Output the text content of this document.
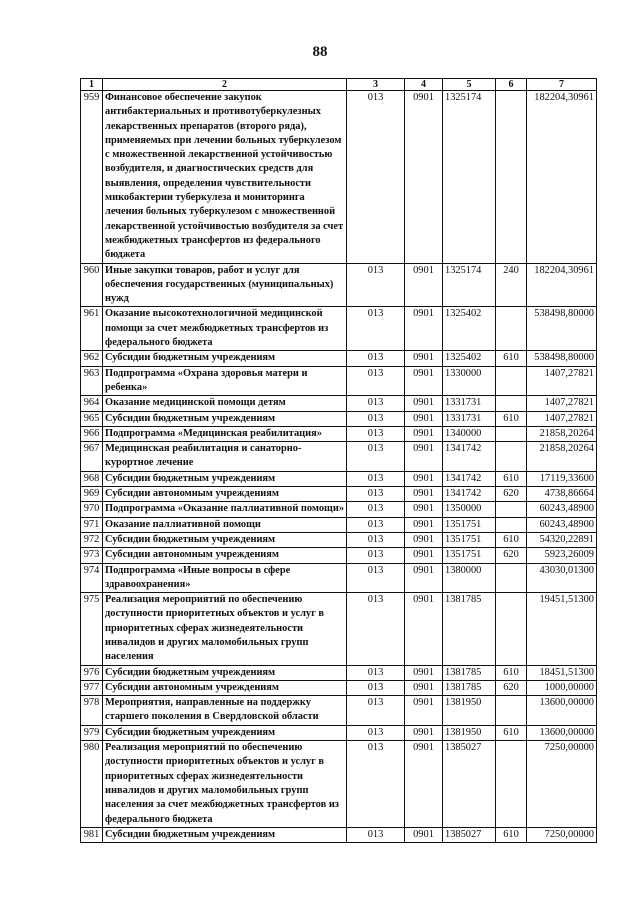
88
1	2	3	4	5	6	7
959	Финансовое обеспечение закупок антибактериальных и противотуберкулезных лекарственных препаратов (второго ряда), применяемых при лечении больных туберкулезом с множественной лекарственной устойчивостью возбудителя, и диагностических средств для выявления, определения чувствительности микобактерии туберкулеза и мониторинга лечения больных туберкулезом с множественной лекарственной устойчивостью возбудителя за счет межбюджетных трансфертов из федерального бюджета	013	0901	1325174		182204,30961
960	Иные закупки товаров, работ и услуг для обеспечения государственных (муниципальных) нужд	013	0901	1325174	240	182204,30961
961	Оказание высокотехнологичной медицинской помощи за счет межбюджетных трансфертов из федерального бюджета	013	0901	1325402		538498,80000
962	Субсидии бюджетным учреждениям	013	0901	1325402	610	538498,80000
963	Подпрограмма «Охрана здоровья матери и ребенка»	013	0901	1330000		1407,27821
964	Оказание медицинской помощи детям	013	0901	1331731		1407,27821
965	Субсидии бюджетным учреждениям	013	0901	1331731	610	1407,27821
966	Подпрограмма «Медицинская реабилитация»	013	0901	1340000		21858,20264
967	Медицинская реабилитация и санаторно-курортное лечение	013	0901	1341742		21858,20264
968	Субсидии бюджетным учреждениям	013	0901	1341742	610	17119,33600
969	Субсидии автономным учреждениям	013	0901	1341742	620	4738,86664
970	Подпрограмма «Оказание паллиативной помощи»	013	0901	1350000		60243,48900
971	Оказание паллиативной помощи	013	0901	1351751		60243,48900
972	Субсидии бюджетным учреждениям	013	0901	1351751	610	54320,22891
973	Субсидии автономным учреждениям	013	0901	1351751	620	5923,26009
974	Подпрограмма «Иные вопросы в сфере здравоохранения»	013	0901	1380000		43030,01300
975	Реализация мероприятий по обеспечению доступности приоритетных объектов и услуг в приоритетных сферах жизнедеятельности инвалидов и других маломобильных групп населения	013	0901	1381785		19451,51300
976	Субсидии бюджетным учреждениям	013	0901	1381785	610	18451,51300
977	Субсидии автономным учреждениям	013	0901	1381785	620	1000,00000
978	Мероприятия, направленные на поддержку старшего поколения в Свердловской области	013	0901	1381950		13600,00000
979	Субсидии бюджетным учреждениям	013	0901	1381950	610	13600,00000
980	Реализация мероприятий по обеспечению доступности приоритетных объектов и услуг в приоритетных сферах жизнедеятельности инвалидов и других маломобильных групп населения за счет межбюджетных трансфертов из федерального бюджета	013	0901	1385027		7250,00000
981	Субсидии бюджетным учреждениям	013	0901	1385027	610	7250,00000
